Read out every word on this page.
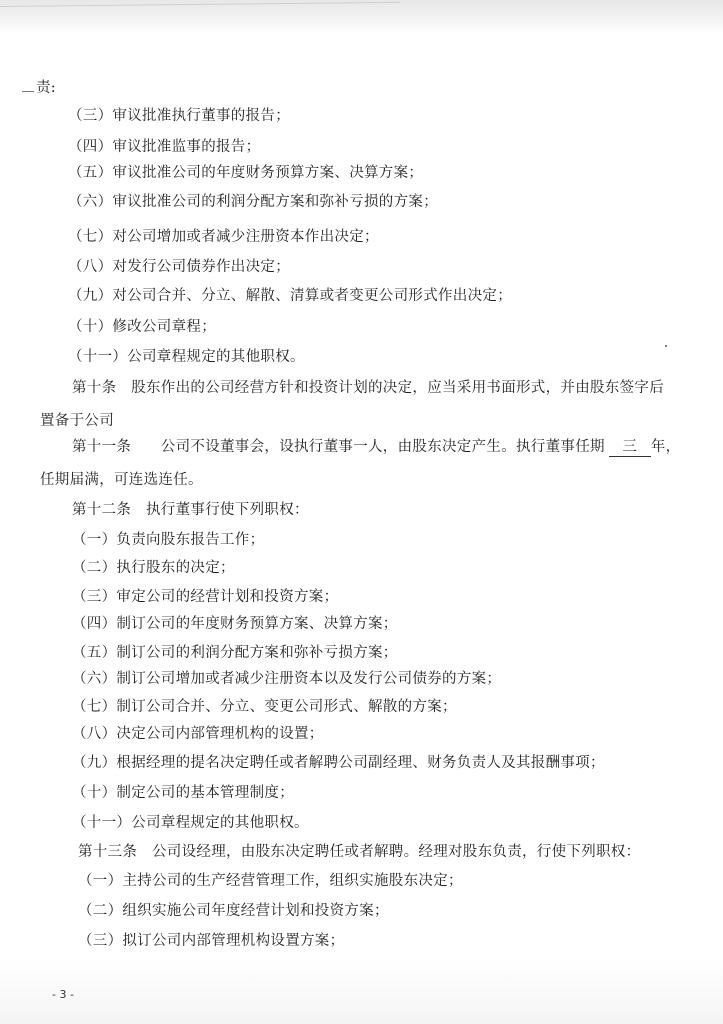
责:
（三）审议批准执行董事的报告；
（四）审议批准监事的报告；
（五）审议批准公司的年度财务预算方案、决算方案；
（六）审议批准公司的利润分配方案和弥补亏损的方案；
（七）对公司增加或者减少注册资本作出决定；
（八）对发行公司债券作出决定；
（九）对公司合并、分立、解散、清算或者变更公司形式作出决定；
（十）修改公司章程；
（十一）公司章程规定的其他职权。
第十条　股东作出的公司经营方针和投资计划的决定，应当采用书面形式，并由股东签字后
置备于公司
第十一条　　公司不设董事会，设执行董事一人，由股东决定产生。执行董事任期 三 年，
任期届满，可连选连任。
第十二条　执行董事行使下列职权：
（一）负责向股东报告工作；
（二）执行股东的决定；
（三）审定公司的经营计划和投资方案；
（四）制订公司的年度财务预算方案、决算方案；
（五）制订公司的利润分配方案和弥补亏损方案；
（六）制订公司增加或者减少注册资本以及发行公司债券的方案；
（七）制订公司合并、分立、变更公司形式、解散的方案；
（八）决定公司内部管理机构的设置；
（九）根据经理的提名决定聘任或者解聘公司副经理、财务负责人及其报酬事项；
（十）制定公司的基本管理制度；
（十一）公司章程规定的其他职权。
第十三条　公司设经理，由股东决定聘任或者解聘。经理对股东负责，行使下列职权：
（一）主持公司的生产经营管理工作，组织实施股东决定；
（二）组织实施公司年度经营计划和投资方案；
（三）拟订公司内部管理机构设置方案；
- 3 -
